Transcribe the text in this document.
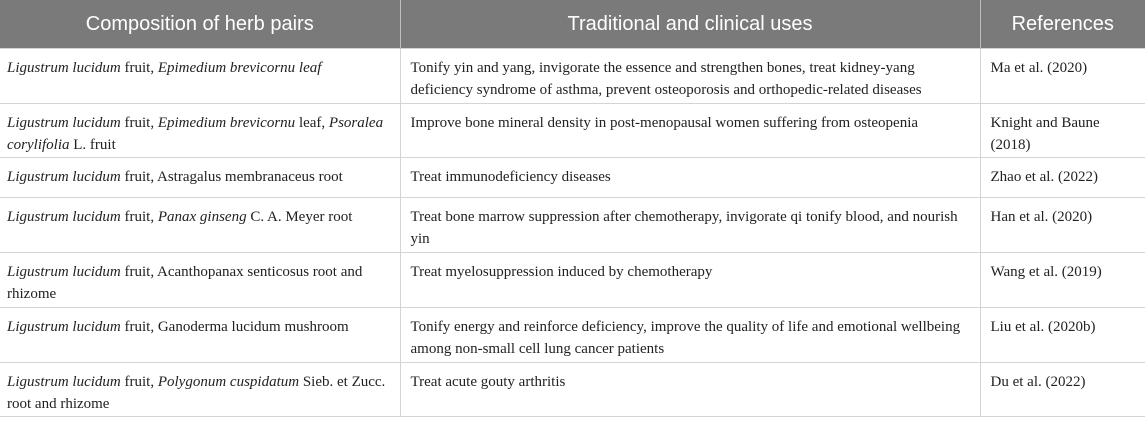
Composition of herb pairs	Traditional and clinical uses	References
Ligustrum lucidum fruit, Epimedium brevicornu leaf	Tonify yin and yang, invigorate the essence and strengthen bones, treat kidney-yang deficiency syndrome of asthma, prevent osteoporosis and orthopedic-related diseases	Ma et al. (2020)
Ligustrum lucidum fruit, Epimedium brevicornu leaf, Psoralea corylifolia L. fruit	Improve bone mineral density in post-menopausal women suffering from osteopenia	Knight and Baune (2018)
Ligustrum lucidum fruit, Astragalus membranaceus root	Treat immunodeficiency diseases	Zhao et al. (2022)
Ligustrum lucidum fruit, Panax ginseng C. A. Meyer root	Treat bone marrow suppression after chemotherapy, invigorate qi tonify blood, and nourish yin	Han et al. (2020)
Ligustrum lucidum fruit, Acanthopanax senticosus root and rhizome	Treat myelosuppression induced by chemotherapy	Wang et al. (2019)
Ligustrum lucidum fruit, Ganoderma lucidum mushroom	Tonify energy and reinforce deficiency, improve the quality of life and emotional wellbeing among non-small cell lung cancer patients	Liu et al. (2020b)
Ligustrum lucidum fruit, Polygonum cuspidatum Sieb. et Zucc. root and rhizome	Treat acute gouty arthritis	Du et al. (2022)
